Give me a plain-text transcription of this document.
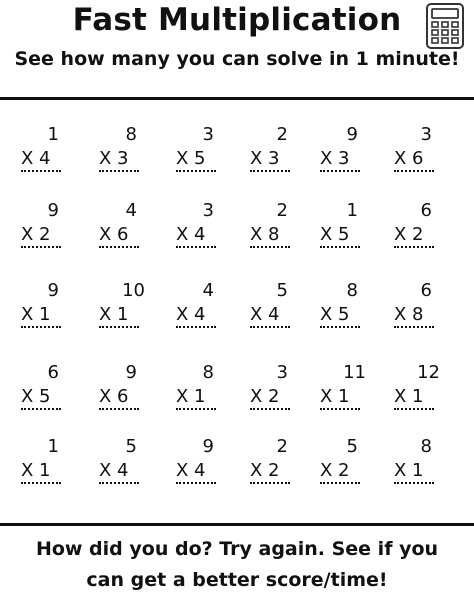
Fast Multiplication
See how many you can solve in 1 minute!
1
X 4
8
X 3
3
X 5
2
X 3
9
X 3
3
X 6
9
X 2
4
X 6
3
X 4
2
X 8
1
X 5
6
X 2
9
X 1
10
X 1
4
X 4
5
X 4
8
X 5
6
X 8
6
X 5
9
X 6
8
X 1
3
X 2
11
X 1
12
X 1
1
X 1
5
X 4
9
X 4
2
X 2
5
X 2
8
X 1
How did you do? Try again. See if you
can get a better score/time!
